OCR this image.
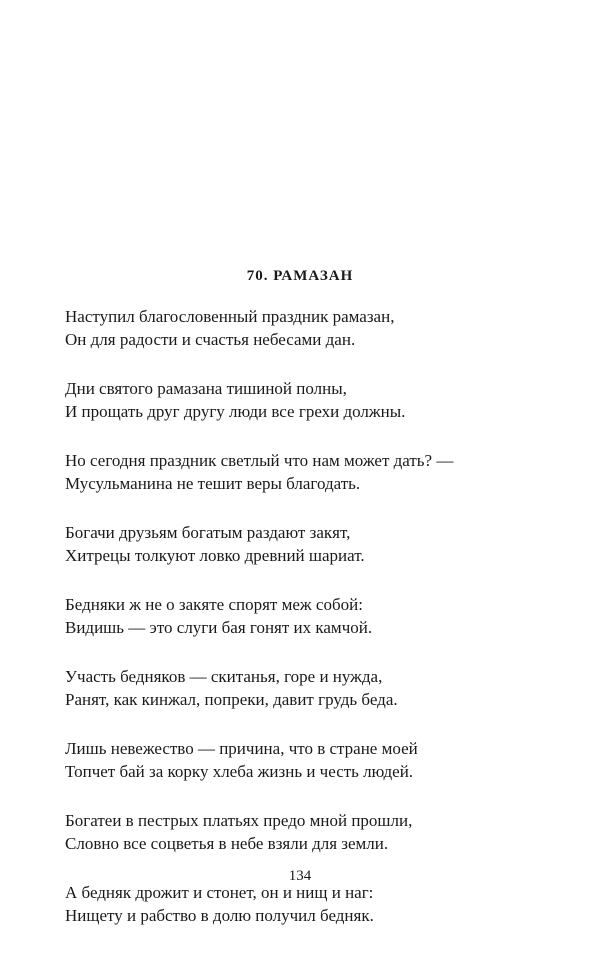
70. РАМАЗАН
Наступил благословенный праздник рамазан,
Он для радости и счастья небесами дан.
Дни святого рамазана тишиной полны,
И прощать друг другу люди все грехи должны.
Но сегодня праздник светлый что нам может дать? —
Мусульманина не тешит веры благодать.
Богачи друзьям богатым раздают закят,
Хитрецы толкуют ловко древний шариат.
Бедняки ж не о закяте спорят меж собой:
Видишь — это слуги бая гонят их камчой.
Участь бедняков — скитанья, горе и нужда,
Ранят, как кинжал, попреки, давит грудь беда.
Лишь невежество — причина, что в стране моей
Топчет бай за корку хлеба жизнь и честь людей.
Богатеи в пестрых платьях предо мной прошли,
Словно все соцветья в небе взяли для земли.
А бедняк дрожит и стонет, он и нищ и наг:
Нищету и рабство в долю получил бедняк.
134
